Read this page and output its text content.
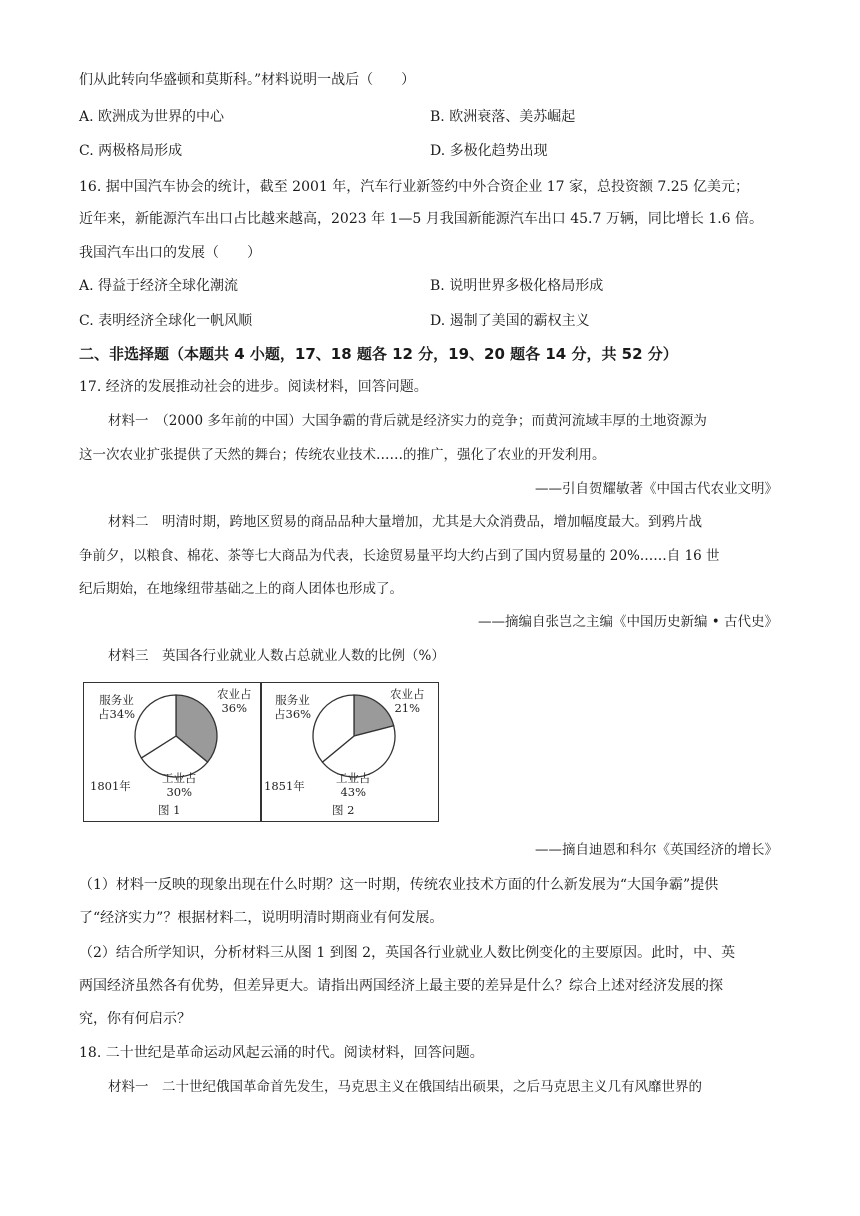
们从此转向华盛顿和莫斯科。”材料说明一战后（　　）
A. 欧洲成为世界的中心	B. 欧洲衰落、美苏崛起
C. 两极格局形成	D. 多极化趋势出现
16. 据中国汽车协会的统计，截至 2001 年，汽车行业新签约中外合资企业 17 家，总投资额 7.25 亿美元；
近年来，新能源汽车出口占比越来越高，2023 年 1—5 月我国新能源汽车出口 45.7 万辆，同比增长 1.6 倍。
我国汽车出口的发展（　　）
A. 得益于经济全球化潮流	B. 说明世界多极化格局形成
C. 表明经济全球化一帆风顺	D. 遏制了美国的霸权主义
二、非选择题（本题共 4 小题，17、18 题各 12 分，19、20 题各 14 分，共 52 分）
17. 经济的发展推动社会的进步。阅读材料，回答问题。
材料一　（2000 多年前的中国）大国争霸的背后就是经济实力的竞争；而黄河流域丰厚的土地资源为
这一次农业扩张提供了天然的舞台；传统农业技术……的推广，强化了农业的开发利用。
——引自贺耀敏著《中国古代农业文明》
材料二　明清时期，跨地区贸易的商品品种大量增加，尤其是大众消费品，增加幅度最大。到鸦片战
争前夕，以粮食、棉花、茶等七大商品为代表，长途贸易量平均大约占到了国内贸易量的 20%……自 16 世
纪后期始，在地缘纽带基础之上的商人团体也形成了。
——摘编自张岂之主编《中国历史新编 • 古代史》
材料三　英国各行业就业人数占总就业人数的比例（%）
服务业
占34%
农业占
36%
工业占
30%
1801年
图 1
服务业
占36%
农业占
21%
工业占
43%
1851年
图 2
——摘自迪恩和科尔《英国经济的增长》
（1）材料一反映的现象出现在什么时期？这一时期，传统农业技术方面的什么新发展为“大国争霸”提供
了“经济实力”？根据材料二，说明明清时期商业有何发展。
（2）结合所学知识，分析材料三从图 1 到图 2，英国各行业就业人数比例变化的主要原因。此时，中、英
两国经济虽然各有优势，但差异更大。请指出两国经济上最主要的差异是什么？综合上述对经济发展的探
究，你有何启示？
18. 二十世纪是革命运动风起云涌的时代。阅读材料，回答问题。
材料一　二十世纪俄国革命首先发生，马克思主义在俄国结出硕果，之后马克思主义几有风靡世界的
